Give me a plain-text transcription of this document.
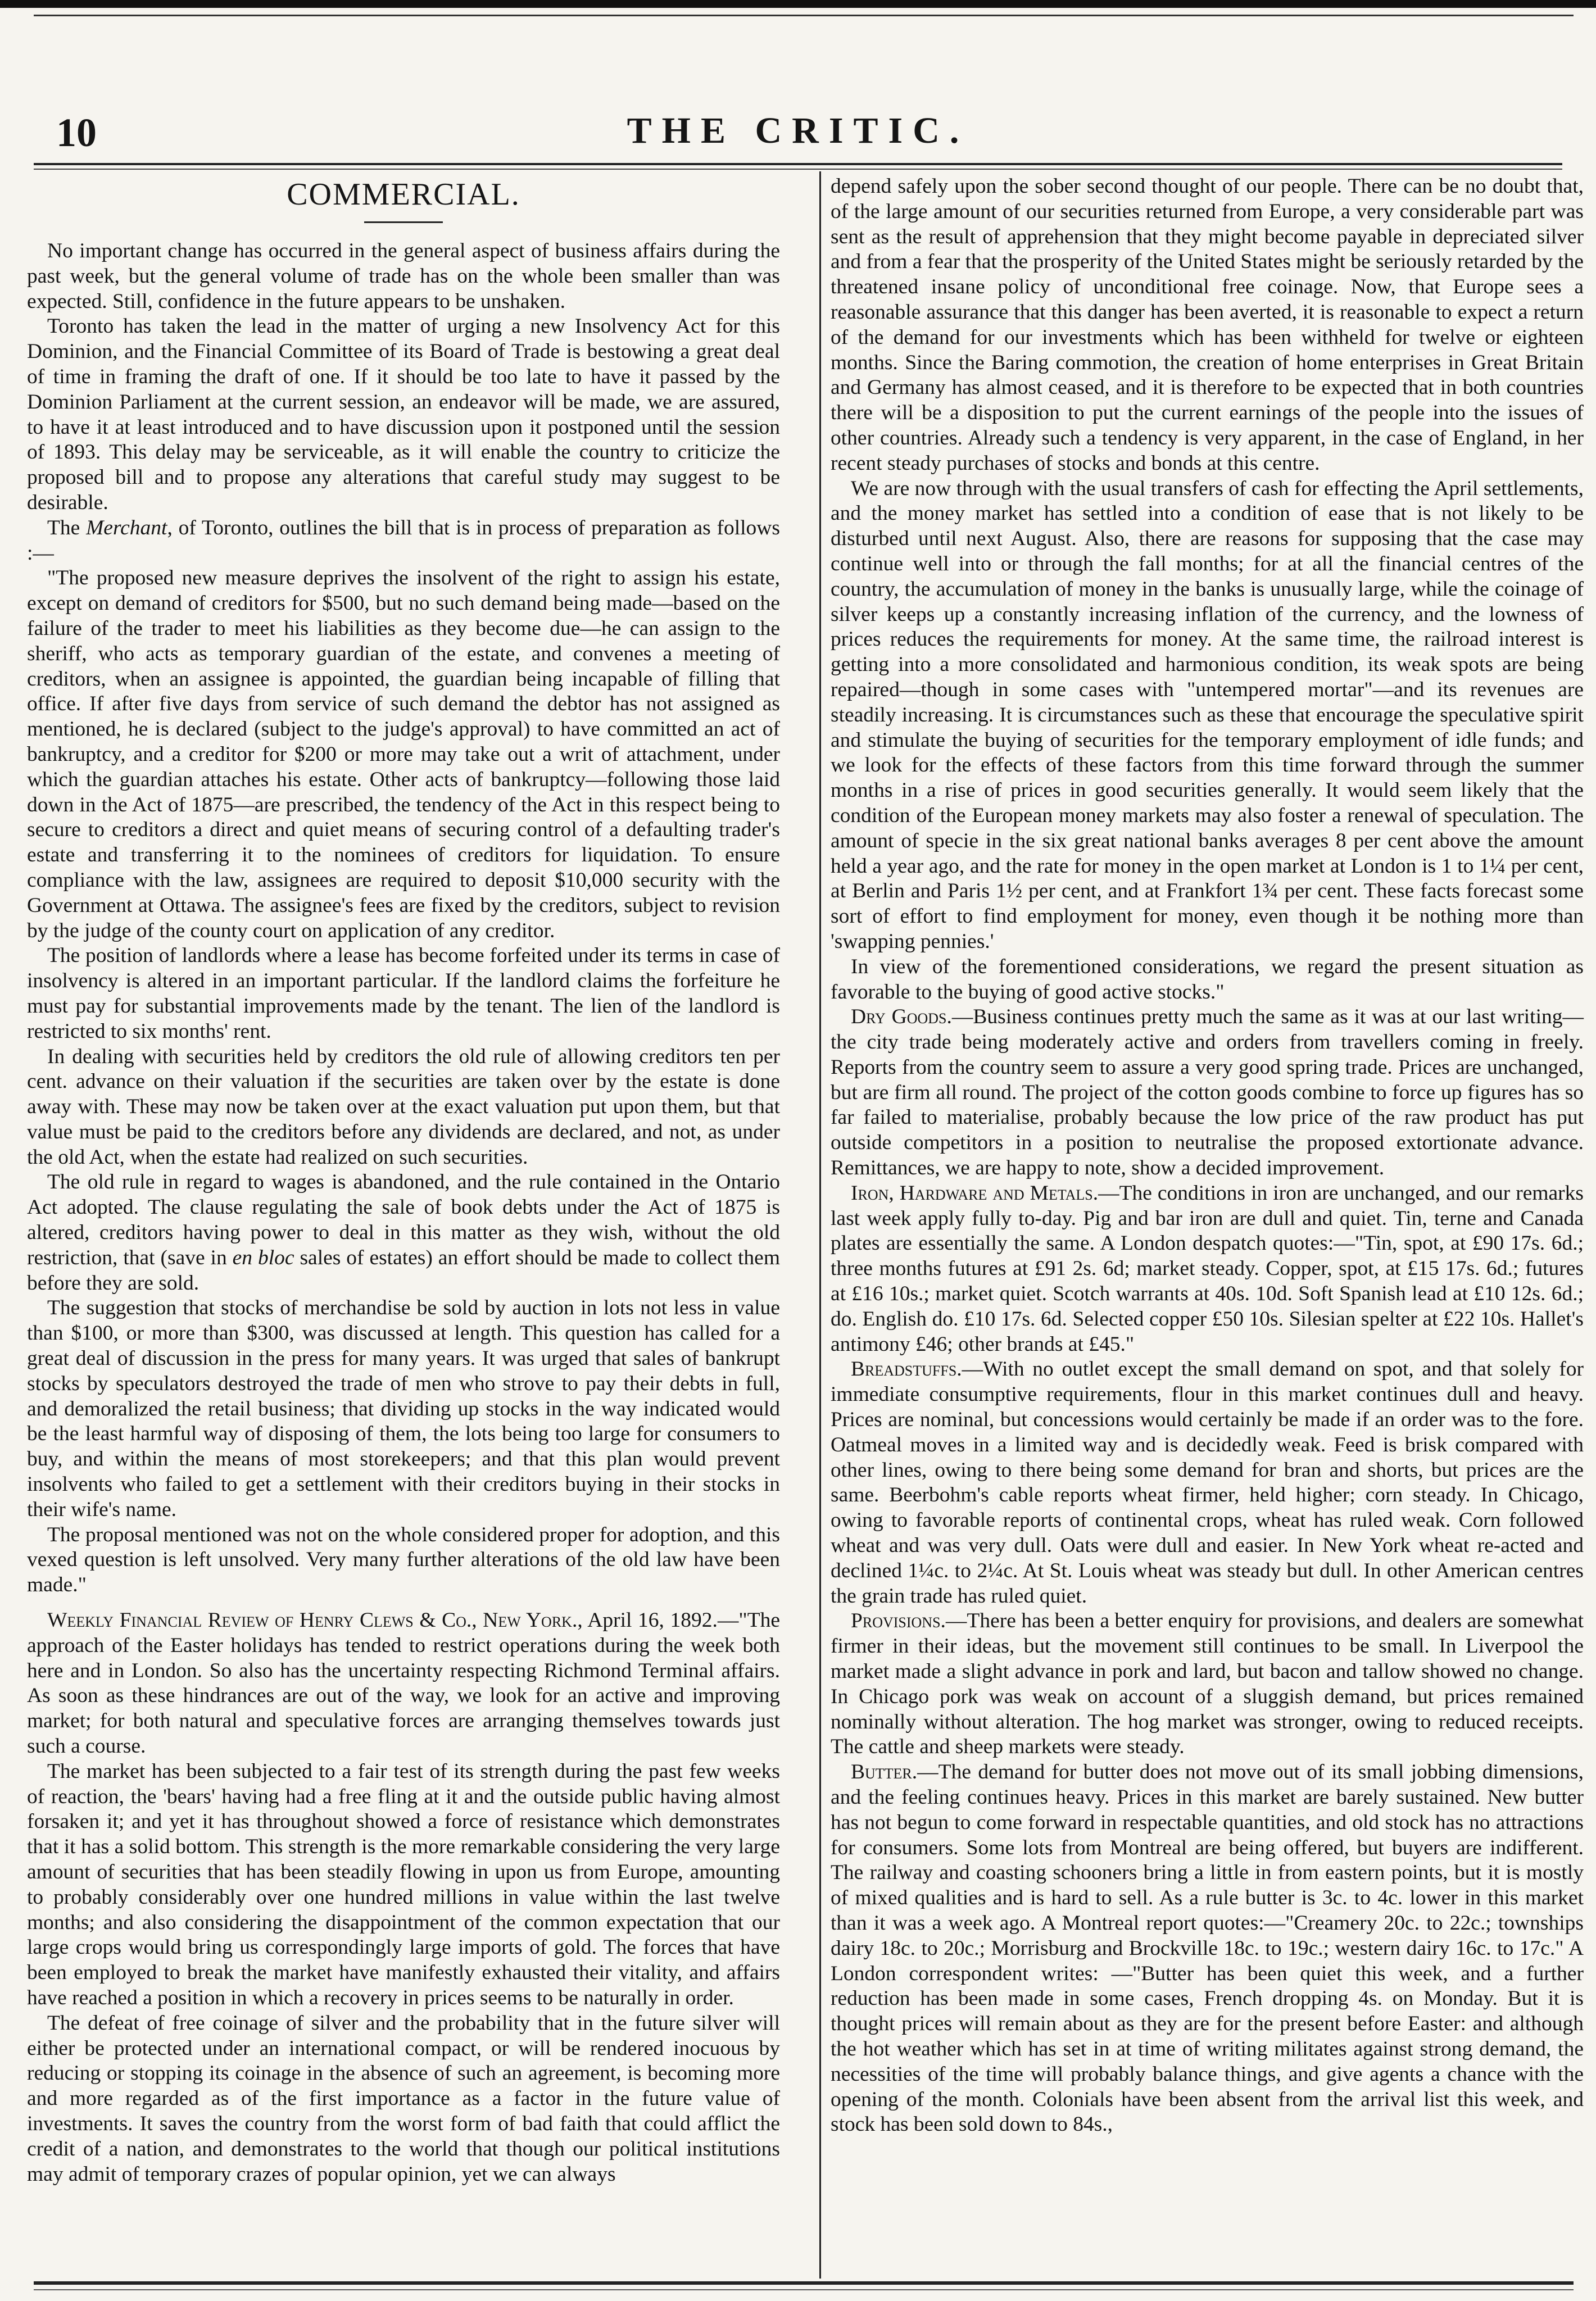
10	THE CRITIC.
COMMERCIAL.

No important change has occurred in the general aspect of business affairs during the past week, but the general volume of trade has on the whole been smaller than was expected. Still, confidence in the future appears to be unshaken.

Toronto has taken the lead in the matter of urging a new Insolvency Act for this Dominion, and the Financial Committee of its Board of Trade is bestowing a great deal of time in framing the draft of one. If it should be too late to have it passed by the Dominion Parliament at the current session, an endeavor will be made, we are assured, to have it at least introduced and to have discussion upon it postponed until the session of 1893. This delay may be serviceable, as it will enable the country to criticize the proposed bill and to propose any alterations that careful study may suggest to be desirable.

The Merchant, of Toronto, outlines the bill that is in process of preparation as follows :—

"The proposed new measure deprives the insolvent of the right to assign his estate, except on demand of creditors for $500, but no such demand being made—based on the failure of the trader to meet his liabilities as they become due—he can assign to the sheriff, who acts as temporary guardian of the estate, and convenes a meeting of creditors, when an assignee is appointed, the guardian being incapable of filling that office. If after five days from service of such demand the debtor has not assigned as mentioned, he is declared (subject to the judge's approval) to have committed an act of bankruptcy, and a creditor for $200 or more may take out a writ of attachment, under which the guardian attaches his estate. Other acts of bankruptcy—following those laid down in the Act of 1875—are prescribed, the tendency of the Act in this respect being to secure to creditors a direct and quiet means of securing control of a defaulting trader's estate and transferring it to the nominees of creditors for liquidation. To ensure compliance with the law, assignees are required to deposit $10,000 security with the Government at Ottawa. The assignee's fees are fixed by the creditors, subject to revision by the judge of the county court on application of any creditor.

The position of landlords where a lease has become forfeited under its terms in case of insolvency is altered in an important particular. If the landlord claims the forfeiture he must pay for substantial improvements made by the tenant. The lien of the landlord is restricted to six months' rent.

In dealing with securities held by creditors the old rule of allowing creditors ten per cent. advance on their valuation if the securities are taken over by the estate is done away with. These may now be taken over at the exact valuation put upon them, but that value must be paid to the creditors before any dividends are declared, and not, as under the old Act, when the estate had realized on such securities.

The old rule in regard to wages is abandoned, and the rule contained in the Ontario Act adopted. The clause regulating the sale of book debts under the Act of 1875 is altered, creditors having power to deal in this matter as they wish, without the old restriction, that (save in en bloc sales of estates) an effort should be made to collect them before they are sold.

The suggestion that stocks of merchandise be sold by auction in lots not less in value than $100, or more than $300, was discussed at length. This question has called for a great deal of discussion in the press for many years. It was urged that sales of bankrupt stocks by speculators destroyed the trade of men who strove to pay their debts in full, and demoralized the retail business; that dividing up stocks in the way indicated would be the least harmful way of disposing of them, the lots being too large for consumers to buy, and within the means of most storekeepers; and that this plan would prevent insolvents who failed to get a settlement with their creditors buying in their stocks in their wife's name.

The proposal mentioned was not on the whole considered proper for adoption, and this vexed question is left unsolved. Very many further alterations of the old law have been made."

Weekly Financial Review of Henry Clews & Co., New York., April 16, 1892.—"The approach of the Easter holidays has tended to restrict operations during the week both here and in London. So also has the uncertainty respecting Richmond Terminal affairs. As soon as these hindrances are out of the way, we look for an active and improving market; for both natural and speculative forces are arranging themselves towards just such a course.

The market has been subjected to a fair test of its strength during the past few weeks of reaction, the 'bears' having had a free fling at it and the outside public having almost forsaken it; and yet it has throughout showed a force of resistance which demonstrates that it has a solid bottom. This strength is the more remarkable considering the very large amount of securities that has been steadily flowing in upon us from Europe, amounting to probably considerably over one hundred millions in value within the last twelve months; and also considering the disappointment of the common expectation that our large crops would bring us correspondingly large imports of gold. The forces that have been employed to break the market have manifestly exhausted their vitality, and affairs have reached a position in which a recovery in prices seems to be naturally in order.

The defeat of free coinage of silver and the probability that in the future silver will either be protected under an international compact, or will be rendered inocuous by reducing or stopping its coinage in the absence of such an agreement, is becoming more and more regarded as of the first importance as a factor in the future value of investments. It saves the country from the worst form of bad faith that could afflict the credit of a nation, and demonstrates to the world that though our political institutions may admit of temporary crazes of popular opinion, yet we can always

depend safely upon the sober second thought of our people. There can be no doubt that, of the large amount of our securities returned from Europe, a very considerable part was sent as the result of apprehension that they might become payable in depreciated silver and from a fear that the prosperity of the United States might be seriously retarded by the threatened insane policy of unconditional free coinage. Now, that Europe sees a reasonable assurance that this danger has been averted, it is reasonable to expect a return of the demand for our investments which has been withheld for twelve or eighteen months. Since the Baring commotion, the creation of home enterprises in Great Britain and Germany has almost ceased, and it is therefore to be expected that in both countries there will be a disposition to put the current earnings of the people into the issues of other countries. Already such a tendency is very apparent, in the case of England, in her recent steady purchases of stocks and bonds at this centre.

We are now through with the usual transfers of cash for effecting the April settlements, and the money market has settled into a condition of ease that is not likely to be disturbed until next August. Also, there are reasons for supposing that the case may continue well into or through the fall months; for at all the financial centres of the country, the accumulation of money in the banks is unusually large, while the coinage of silver keeps up a constantly increasing inflation of the currency, and the lowness of prices reduces the requirements for money. At the same time, the railroad interest is getting into a more consolidated and harmonious condition, its weak spots are being repaired—though in some cases with "untempered mortar"—and its revenues are steadily increasing. It is circumstances such as these that encourage the speculative spirit and stimulate the buying of securities for the temporary employment of idle funds; and we look for the effects of these factors from this time forward through the summer months in a rise of prices in good securities generally. It would seem likely that the condition of the European money markets may also foster a renewal of speculation. The amount of specie in the six great national banks averages 8 per cent above the amount held a year ago, and the rate for money in the open market at London is 1 to 1¼ per cent, at Berlin and Paris 1½ per cent, and at Frankfort 1¾ per cent. These facts forecast some sort of effort to find employment for money, even though it be nothing more than 'swapping pennies.'

In view of the forementioned considerations, we regard the present situation as favorable to the buying of good active stocks."

Dry Goods.—Business continues pretty much the same as it was at our last writing—the city trade being moderately active and orders from travellers coming in freely. Reports from the country seem to assure a very good spring trade. Prices are unchanged, but are firm all round. The project of the cotton goods combine to force up figures has so far failed to materialise, probably because the low price of the raw product has put outside competitors in a position to neutralise the proposed extortionate advance. Remittances, we are happy to note, show a decided improvement.

Iron, Hardware and Metals.—The conditions in iron are unchanged, and our remarks last week apply fully to-day. Pig and bar iron are dull and quiet. Tin, terne and Canada plates are essentially the same. A London despatch quotes:—"Tin, spot, at £90 17s. 6d.; three months futures at £91 2s. 6d; market steady. Copper, spot, at £15 17s. 6d.; futures at £16 10s.; market quiet. Scotch warrants at 40s. 10d. Soft Spanish lead at £10 12s. 6d.; do. English do. £10 17s. 6d. Selected copper £50 10s. Silesian spelter at £22 10s. Hallet's antimony £46; other brands at £45."

Breadstuffs.—With no outlet except the small demand on spot, and that solely for immediate consumptive requirements, flour in this market continues dull and heavy. Prices are nominal, but concessions would certainly be made if an order was to the fore. Oatmeal moves in a limited way and is decidedly weak. Feed is brisk compared with other lines, owing to there being some demand for bran and shorts, but prices are the same. Beerbohm's cable reports wheat firmer, held higher; corn steady. In Chicago, owing to favorable reports of continental crops, wheat has ruled weak. Corn followed wheat and was very dull. Oats were dull and easier. In New York wheat re-acted and declined 1¼c. to 2¼c. At St. Louis wheat was steady but dull. In other American centres the grain trade has ruled quiet.

Provisions.—There has been a better enquiry for provisions, and dealers are somewhat firmer in their ideas, but the movement still continues to be small. In Liverpool the market made a slight advance in pork and lard, but bacon and tallow showed no change. In Chicago pork was weak on account of a sluggish demand, but prices remained nominally without alteration. The hog market was stronger, owing to reduced receipts. The cattle and sheep markets were steady.

Butter.—The demand for butter does not move out of its small jobbing dimensions, and the feeling continues heavy. Prices in this market are barely sustained. New butter has not begun to come forward in respectable quantities, and old stock has no attractions for consumers. Some lots from Montreal are being offered, but buyers are indifferent. The railway and coasting schooners bring a little in from eastern points, but it is mostly of mixed qualities and is hard to sell. As a rule butter is 3c. to 4c. lower in this market than it was a week ago. A Montreal report quotes:—"Creamery 20c. to 22c.; townships dairy 18c. to 20c.; Morrisburg and Brockville 18c. to 19c.; western dairy 16c. to 17c." A London correspondent writes: —"Butter has been quiet this week, and a further reduction has been made in some cases, French dropping 4s. on Monday. But it is thought prices will remain about as they are for the present before Easter: and although the hot weather which has set in at time of writing militates against strong demand, the necessities of the time will probably balance things, and give agents a chance with the opening of the month. Colonials have been absent from the arrival list this week, and stock has been sold down to 84s.,
